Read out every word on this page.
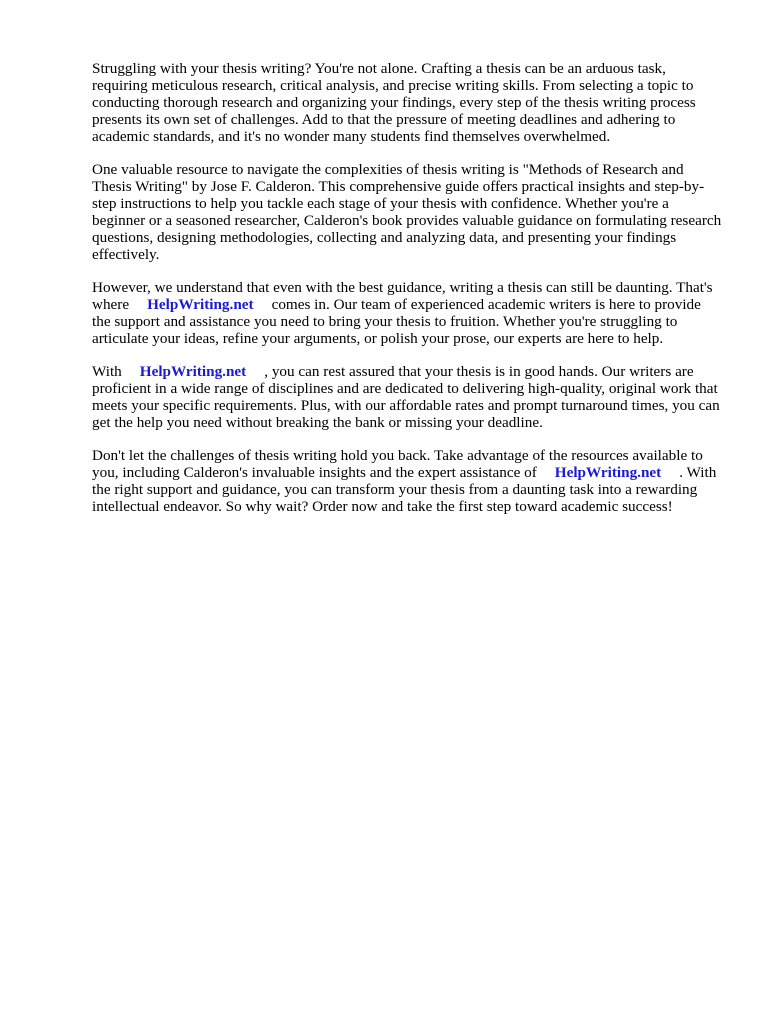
Struggling with your thesis writing? You're not alone. Crafting a thesis can be an arduous task, requiring meticulous research, critical analysis, and precise writing skills. From selecting a topic to conducting thorough research and organizing your findings, every step of the thesis writing process presents its own set of challenges. Add to that the pressure of meeting deadlines and adhering to academic standards, and it's no wonder many students find themselves overwhelmed.

One valuable resource to navigate the complexities of thesis writing is "Methods of Research and Thesis Writing" by Jose F. Calderon. This comprehensive guide offers practical insights and step-by-step instructions to help you tackle each stage of your thesis with confidence. Whether you're a beginner or a seasoned researcher, Calderon's book provides valuable guidance on formulating research questions, designing methodologies, collecting and analyzing data, and presenting your findings effectively.

However, we understand that even with the best guidance, writing a thesis can still be daunting. That's where HelpWriting.net comes in. Our team of experienced academic writers is here to provide the support and assistance you need to bring your thesis to fruition. Whether you're struggling to articulate your ideas, refine your arguments, or polish your prose, our experts are here to help.

With HelpWriting.net , you can rest assured that your thesis is in good hands. Our writers are proficient in a wide range of disciplines and are dedicated to delivering high-quality, original work that meets your specific requirements. Plus, with our affordable rates and prompt turnaround times, you can get the help you need without breaking the bank or missing your deadline.

Don't let the challenges of thesis writing hold you back. Take advantage of the resources available to you, including Calderon's invaluable insights and the expert assistance of HelpWriting.net . With the right support and guidance, you can transform your thesis from a daunting task into a rewarding intellectual endeavor. So why wait? Order now and take the first step toward academic success!
